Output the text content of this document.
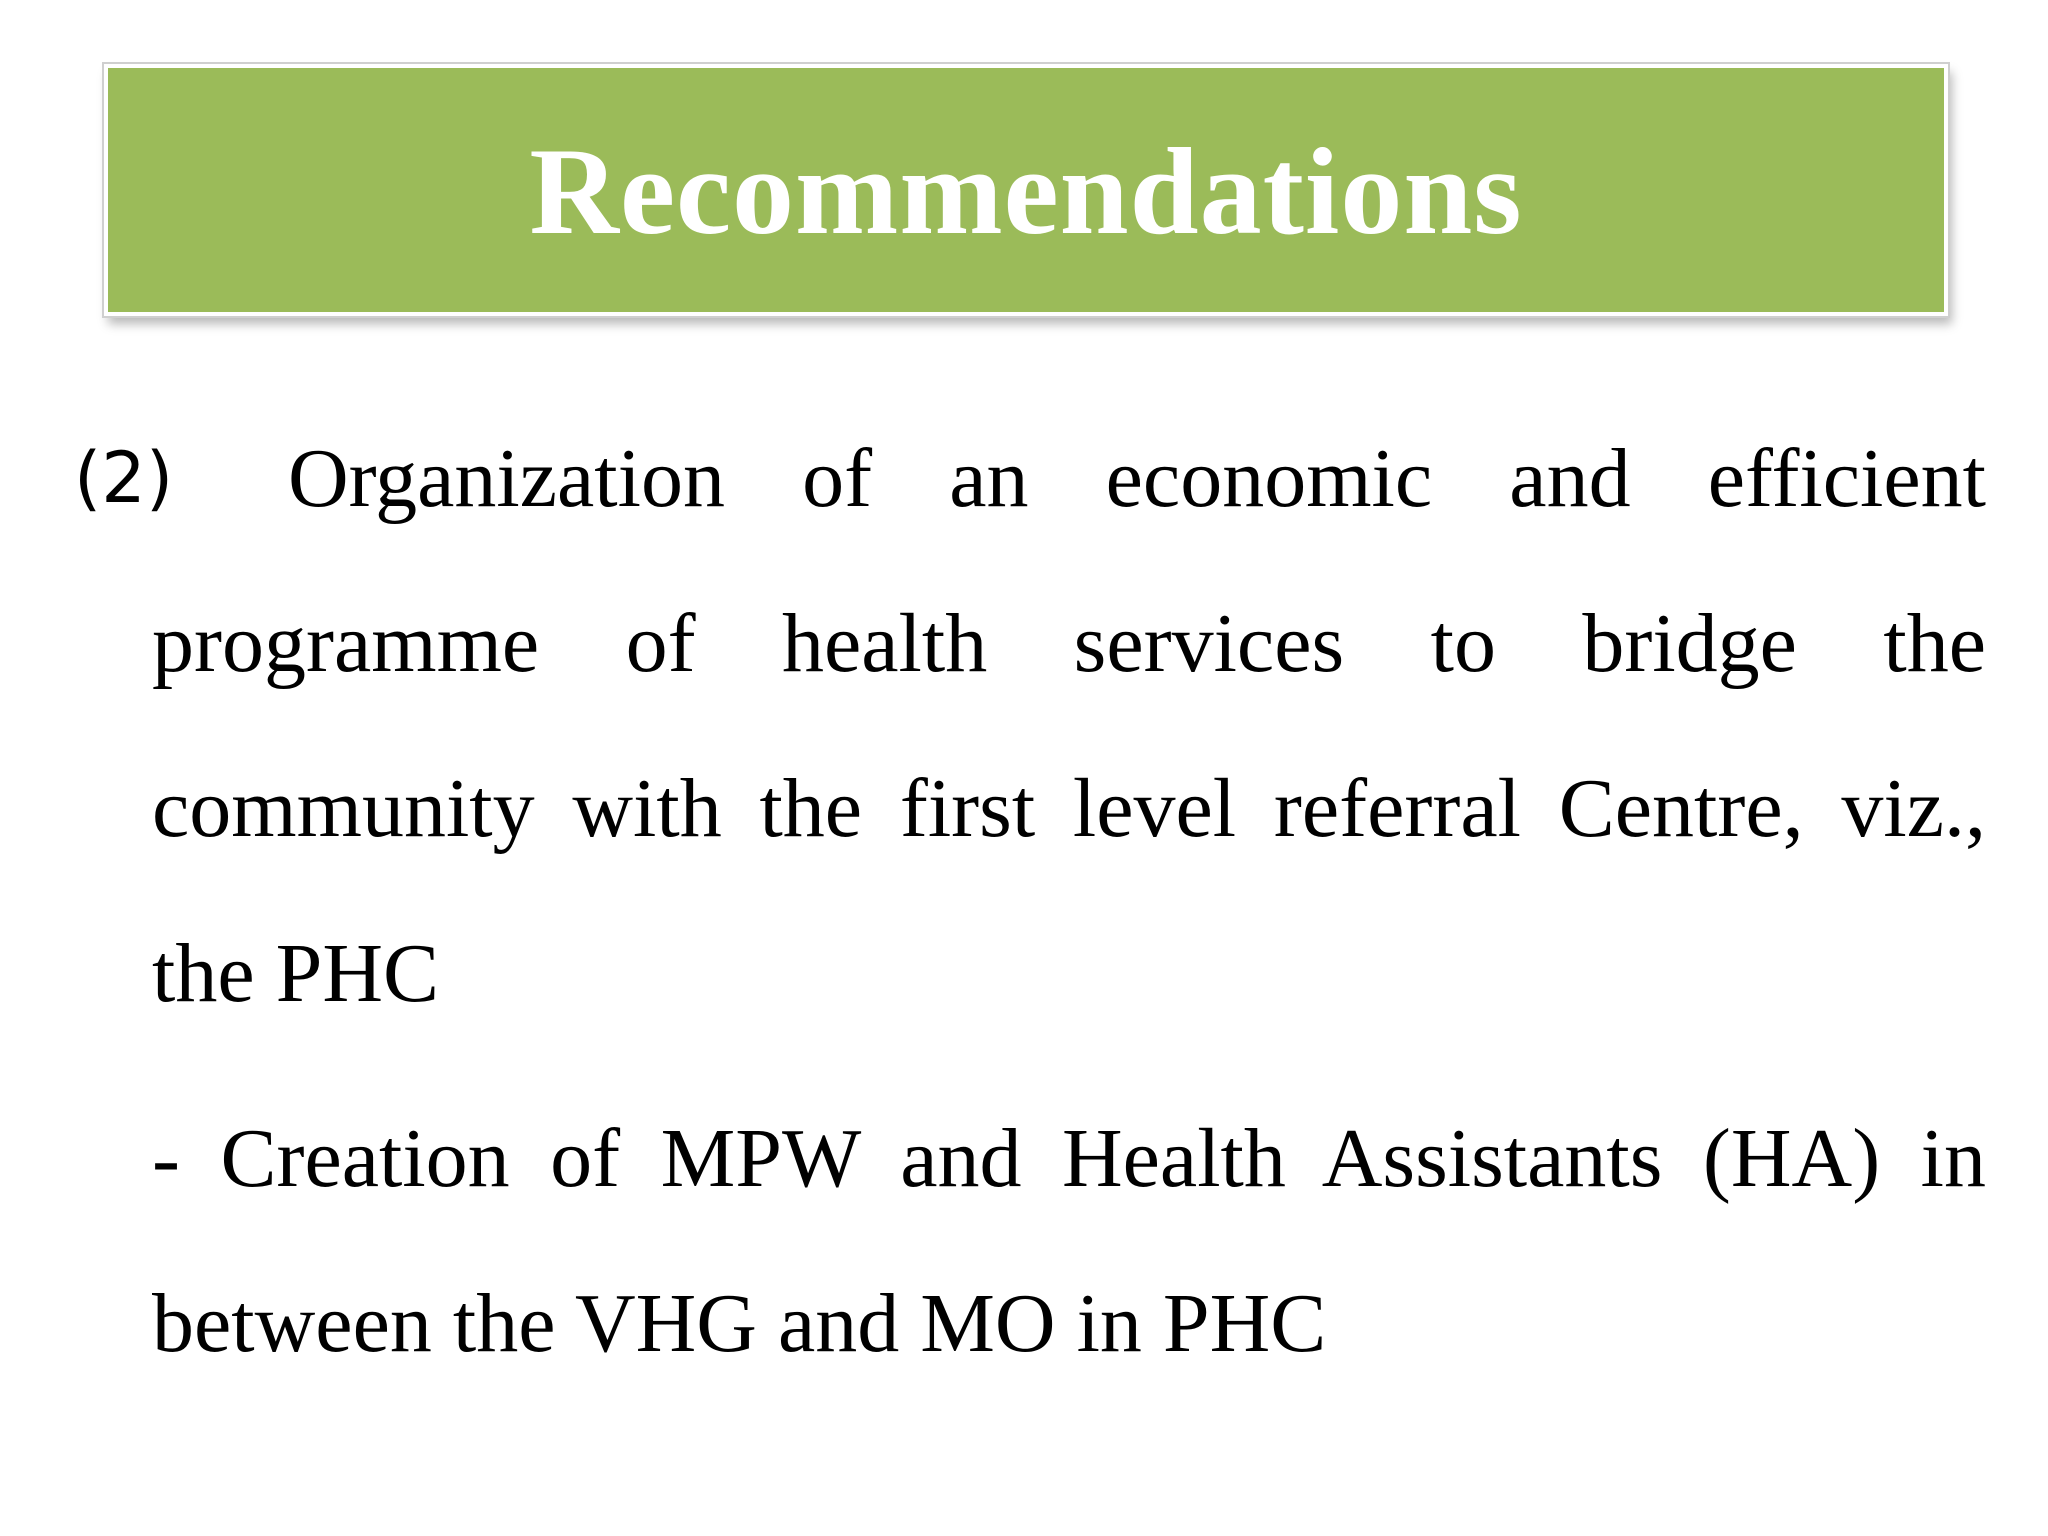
Recommendations
(2)	Organization of an economic and efficient programme of health services to bridge the community with the first level referral Centre, viz., the PHC
- Creation of MPW and Health Assistants (HA) in between the VHG and MO in PHC
